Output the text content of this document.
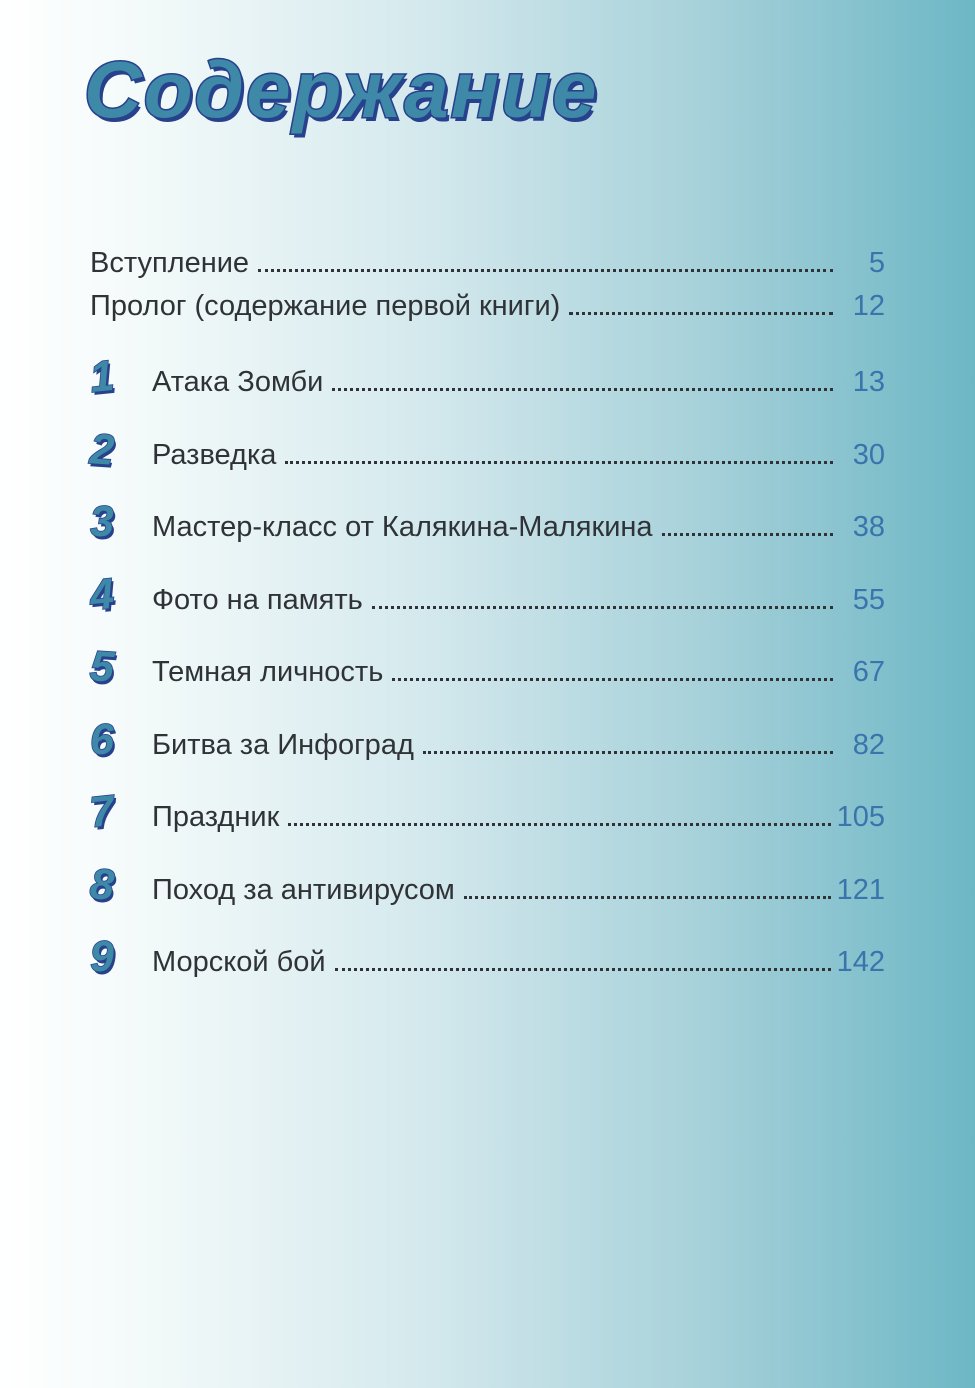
Содержание
Вступление	5
Пролог (содержание первой книги)	12
1	Атака Зомби	13
2	Разведка	30
3	Мастер-класс от Калякина-Малякина	38
4	Фото на память	55
5	Темная личность	67
6	Битва за Инфоград	82
7	Праздник	105
8	Поход за антивирусом	121
9	Морской бой	142
